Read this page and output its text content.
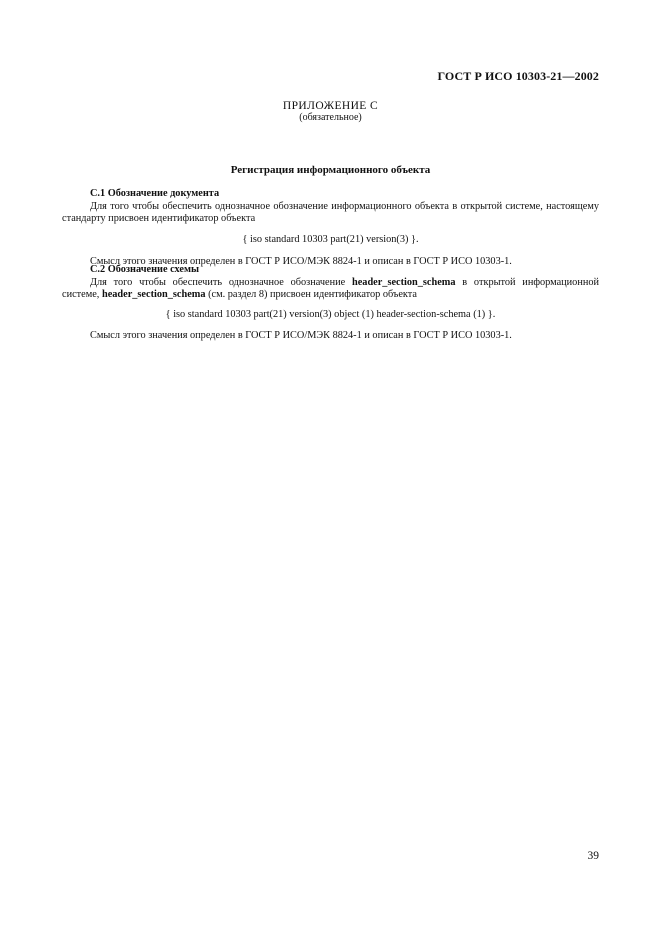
ГОСТ Р ИСО 10303-21—2002
ПРИЛОЖЕНИЕ С
(обязательное)
Регистрация информационного объекта
С.1 Обозначение документа
Для того чтобы обеспечить однозначное обозначение информационного объекта в открытой системе, настоящему стандарту присвоен идентификатор объекта
{ iso standard 10303 part(21) version(3) }.
Смысл этого значения определен в ГОСТ Р ИСО/МЭК 8824-1 и описан в ГОСТ Р ИСО 10303-1.
С.2 Обозначение схемы
Для того чтобы обеспечить однозначное обозначение header_section_schema в открытой информационной системе, header_section_schema (см. раздел 8) присвоен идентификатор объекта
{ iso standard 10303 part(21) version(3) object (1) header-section-schema (1) }.
Смысл этого значения определен в ГОСТ Р ИСО/МЭК 8824-1 и описан в ГОСТ Р ИСО 10303-1.
39
